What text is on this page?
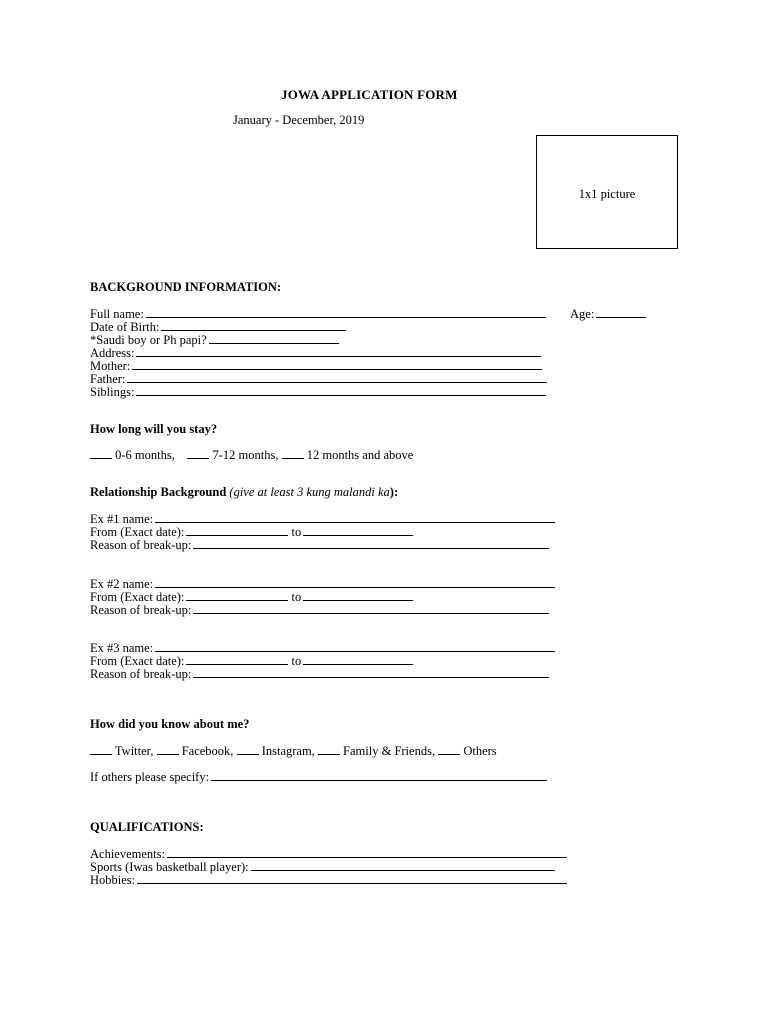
JOWA APPLICATION FORM
January - December, 2019
1x1 picture
BACKGROUND INFORMATION:
Full name:	Age:
Date of Birth:
*Saudi boy or Ph papi?
Address:
Mother:
Father:
Siblings:
How long will you stay?
0-6 months,	7-12 months, 12 months and above
Relationship Background (give at least 3 kung malandi ka):
Ex #1 name:
From (Exact date):	to
Reason of break-up:
Ex #2 name:
From (Exact date):	to
Reason of break-up:
Ex #3 name:
From (Exact date):	to
Reason of break-up:
How did you know about me?
Twitter, Facebook, Instagram, Family & Friends, Others
If others please specify:
QUALIFICATIONS:
Achievements:
Sports (Iwas basketball player):
Hobbies:
